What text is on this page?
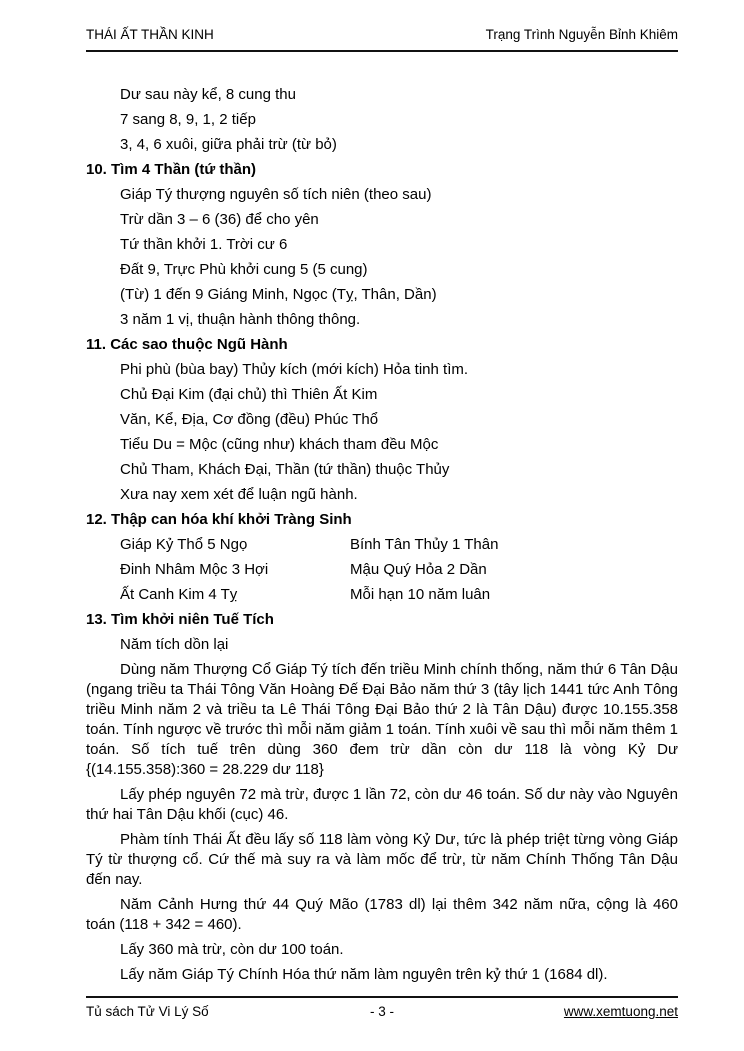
THÁI ẤT THẦN KINH	Trạng Trình Nguyễn Bỉnh Khiêm
Dư sau này kể, 8 cung thu
7 sang 8, 9, 1, 2 tiếp
3, 4, 6 xuôi, giữa phải trừ (từ bỏ)
10. Tìm 4 Thần (tứ thần)
Giáp Tý thượng nguyên số tích niên (theo sau)
Trừ dần 3 – 6 (36) để cho yên
Tứ thần khởi 1. Trời cư 6
Đất 9, Trực Phù khởi cung 5 (5 cung)
(Từ) 1 đến 9 Giáng Minh, Ngọc (Tỵ, Thân, Dần)
3 năm 1 vị, thuận hành thông thông.
11. Các sao thuộc Ngũ Hành
Phi phù (bùa bay) Thủy kích (mới kích) Hỏa tinh tìm.
Chủ Đại Kim (đại chủ) thì Thiên Ất Kim
Văn, Kể, Địa, Cơ đồng (đều) Phúc Thổ
Tiểu Du = Mộc (cũng như) khách tham đều Mộc
Chủ Tham, Khách Đại, Thần (tứ thần) thuộc Thủy
Xưa nay xem xét để luận ngũ hành.
12. Thập can hóa khí khởi Tràng Sinh
Giáp Kỷ Thổ 5 Ngọ	Bính Tân Thủy 1 Thân
Đinh Nhâm Mộc 3 Hợi	Mậu Quý Hỏa 2 Dần
Ất Canh Kim 4 Tỵ	Mỗi hạn 10 năm luân
13. Tìm khởi niên Tuế Tích
Năm tích dồn lại

Dùng năm Thượng Cổ Giáp Tý tích đến triều Minh chính thống, năm thứ 6 Tân Dậu (ngang triều ta Thái Tông Văn Hoàng Đế Đại Bảo năm thứ 3 (tây lịch 1441 tức Anh Tông triều Minh năm 2 và triều ta Lê Thái Tông Đại Bảo thứ 2 là Tân Dậu) được 10.155.358 toán. Tính ngược về trước thì mỗi năm giảm 1 toán. Tính xuôi về sau thì mỗi năm thêm 1 toán. Số tích tuế trên dùng 360 đem trừ dần còn dư 118 là vòng Kỷ Dư {(14.155.358):360 = 28.229 dư 118}

Lấy phép nguyên 72 mà trừ, được 1 lần 72, còn dư 46 toán. Số dư này vào Nguyên thứ hai Tân Dậu khối (cục) 46.

Phàm tính Thái Ất đều lấy số 118 làm vòng Kỷ Dư, tức là phép triệt từng vòng Giáp Tý từ thượng cổ. Cứ thế mà suy ra và làm mốc để trừ, từ năm Chính Thống Tân Dậu đến nay.

Năm Cảnh Hưng thứ 44 Quý Mão (1783 dl) lại thêm 342 năm nữa, cộng là 460 toán (118 + 342 = 460).

Lấy 360 mà trừ, còn dư 100 toán.

Lấy năm Giáp Tý Chính Hóa thứ năm làm nguyên trên kỷ thứ 1 (1684 dl).

Tủ sách Tử Vi Lý Số	- 3 -	www.xemtuong.net
